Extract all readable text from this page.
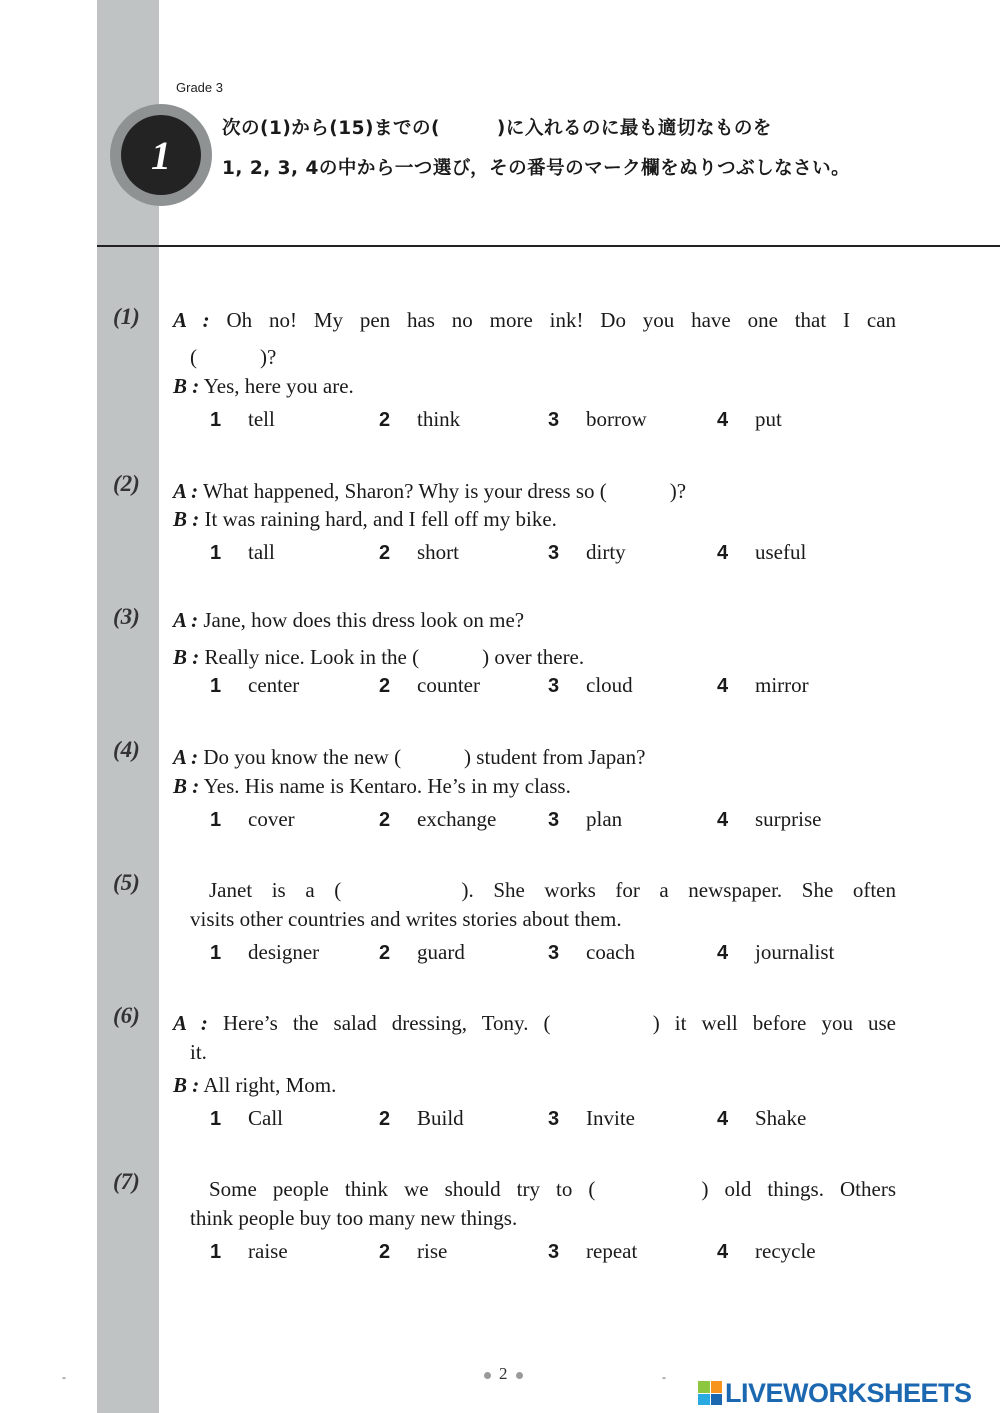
Grade 3
1
次の(1)から(15)までの(　　　)に入れるのに最も適切なものを
1, 2, 3, 4の中から一つ選び，その番号のマーク欄をぬりつぶしなさい。
(1) A : Oh no! My pen has no more ink! Do you have one that I can
(　　　)?
B : Yes, here you are.
1 tell	2 think	3 borrow	4 put
(2) A : What happened, Sharon? Why is your dress so (　　　)?
B : It was raining hard, and I fell off my bike.
1 tall	2 short	3 dirty	4 useful
(3) A : Jane, how does this dress look on me?
B : Really nice. Look in the (　　　) over there.
1 center	2 counter	3 cloud	4 mirror
(4) A : Do you know the new (　　　) student from Japan?
B : Yes. His name is Kentaro. He’s in my class.
1 cover	2 exchange	3 plan	4 surprise
(5)	Janet is a (　　　). She works for a newspaper. She often
visits other countries and writes stories about them.
1 designer	2 guard	3 coach	4 journalist
(6) A : Here’s the salad dressing, Tony. (　　　) it well before you use
it.
B : All right, Mom.
1 Call	2 Build	3 Invite	4 Shake
(7)	Some people think we should try to (　　　) old things. Others
think people buy too many new things.
1 raise	2 rise	3 repeat	4 recycle
-	-
2
LIVEWORKSHEETS
